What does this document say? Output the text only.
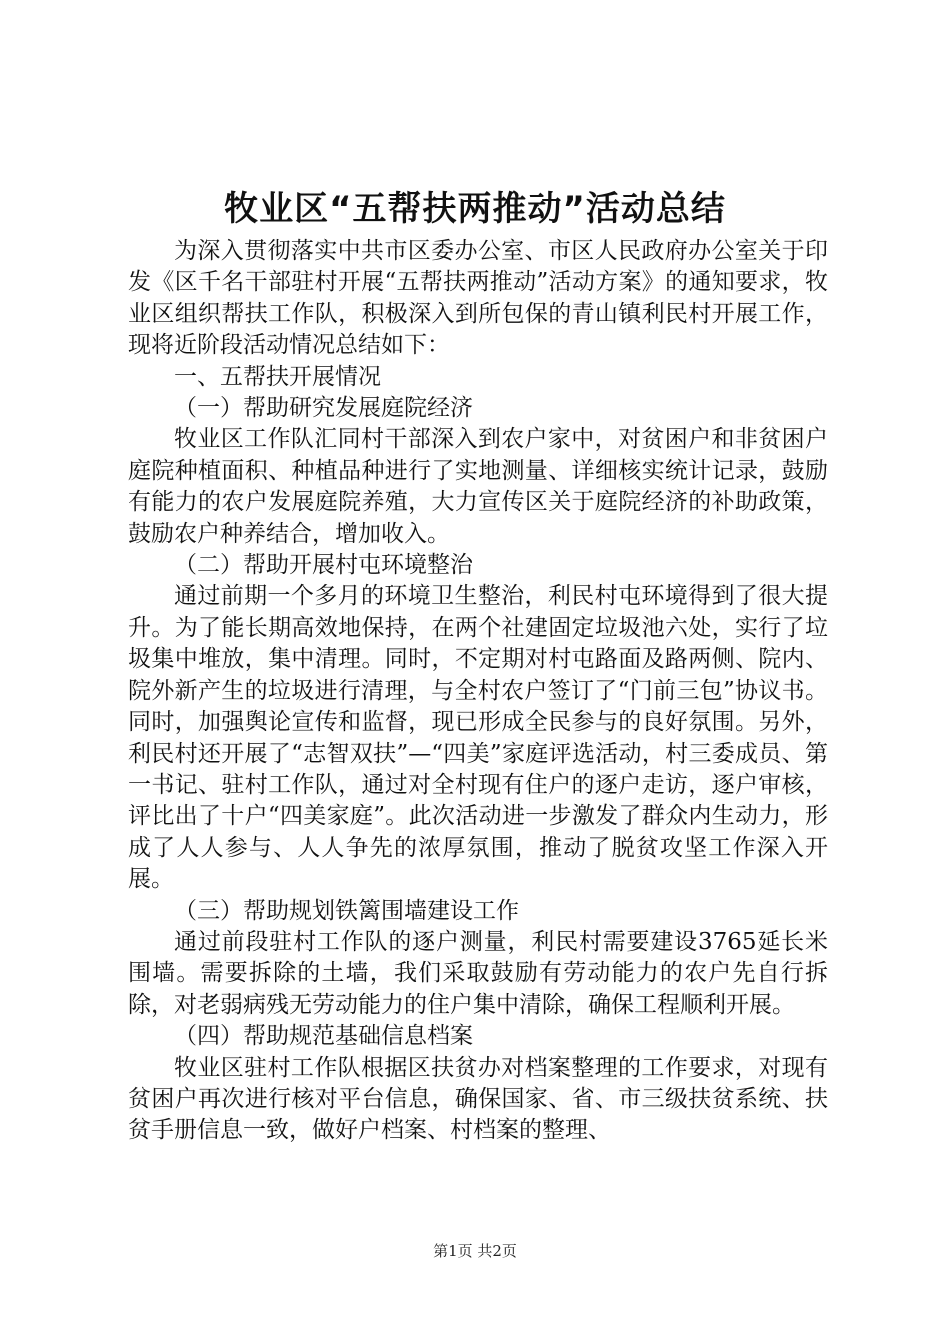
牧业区“五帮扶两推动”活动总结

为深入贯彻落实中共市区委办公室、市区人民政府办公室关于印发《区千名干部驻村开展“五帮扶两推动”活动方案》的通知要求，牧业区组织帮扶工作队，积极深入到所包保的青山镇利民村开展工作，现将近阶段活动情况总结如下：

一、五帮扶开展情况

（一）帮助研究发展庭院经济

牧业区工作队汇同村干部深入到农户家中，对贫困户和非贫困户庭院种植面积、种植品种进行了实地测量、详细核实统计记录，鼓励有能力的农户发展庭院养殖，大力宣传区关于庭院经济的补助政策，鼓励农户种养结合，增加收入。

（二）帮助开展村屯环境整治

通过前期一个多月的环境卫生整治，利民村屯环境得到了很大提升。为了能长期高效地保持，在两个社建固定垃圾池六处，实行了垃圾集中堆放，集中清理。同时，不定期对村屯路面及路两侧、院内、院外新产生的垃圾进行清理，与全村农户签订了“门前三包”协议书。同时，加强舆论宣传和监督，现已形成全民参与的良好氛围。另外，利民村还开展了“志智双扶”—“四美”家庭评选活动，村三委成员、第一书记、驻村工作队，通过对全村现有住户的逐户走访，逐户审核，评比出了十户“四美家庭”。此次活动进一步激发了群众内生动力，形成了人人参与、人人争先的浓厚氛围，推动了脱贫攻坚工作深入开展。

（三）帮助规划铁篱围墙建设工作

通过前段驻村工作队的逐户测量，利民村需要建设3765延长米围墙。需要拆除的土墙，我们采取鼓励有劳动能力的农户先自行拆除，对老弱病残无劳动能力的住户集中清除，确保工程顺利开展。

（四）帮助规范基础信息档案

牧业区驻村工作队根据区扶贫办对档案整理的工作要求，对现有贫困户再次进行核对平台信息，确保国家、省、市三级扶贫系统、扶贫手册信息一致，做好户档案、村档案的整理、

第1页 共2页
